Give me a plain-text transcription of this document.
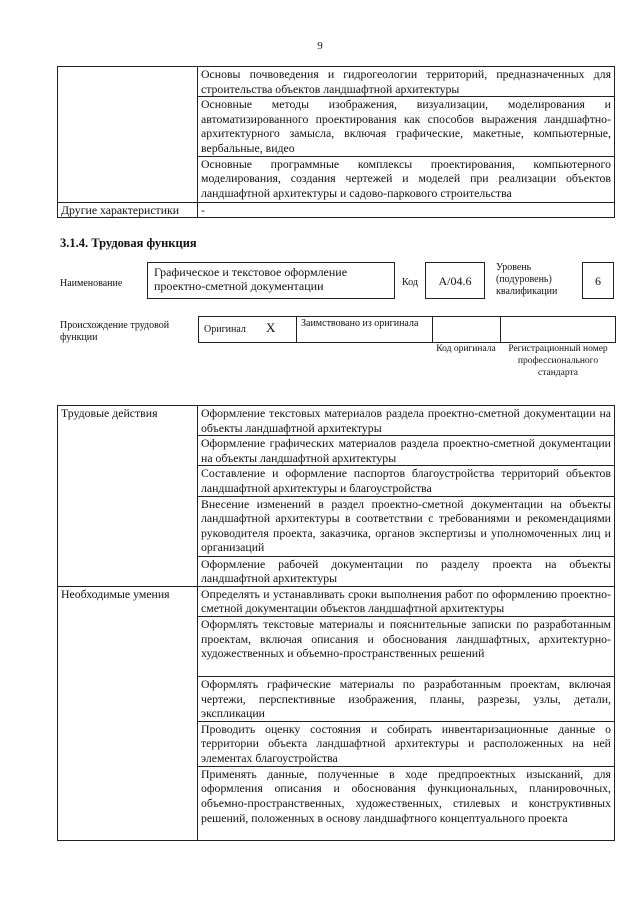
9
	Основы почвоведения и гидрогеологии территорий, предназначенных для строительства объектов ландшафтной архитектуры
	Основные методы изображения, визуализации, моделирования и автоматизированного проектирования как способов выражения ландшафтно-архитектурного замысла, включая графические, макетные, компьютерные, вербальные, видео
	Основные программные комплексы проектирования, компьютерного моделирования, создания чертежей и моделей при реализации объектов ландшафтной архитектуры и садово-паркового строительства
Другие характеристики	-
3.1.4. Трудовая функция
Наименование
Графическое и текстовое оформление проектно-сметной документации	Код	A/04.6
Уровень (подуровень) квалификации
6
Происхождение трудовой функции
Оригинал X	Заимствовано из оригинала
Код оригинала	Регистрационный номер профессионального стандарта
Трудовые действия	Оформление текстовых материалов раздела проектно-сметной документации на объекты ландшафтной архитектуры
	Оформление графических материалов раздела проектно-сметной документации на объекты ландшафтной архитектуры
	Составление и оформление паспортов благоустройства территорий объектов ландшафтной архитектуры и благоустройства
	Внесение изменений в раздел проектно-сметной документации на объекты ландшафтной архитектуры в соответствии с требованиями и рекомендациями руководителя проекта, заказчика, органов экспертизы и уполномоченных лиц и организаций
	Оформление рабочей документации по разделу проекта на объекты ландшафтной архитектуры
Необходимые умения	Определять и устанавливать сроки выполнения работ по оформлению проектно-сметной документации объектов ландшафтной архитектуры
	Оформлять текстовые материалы и пояснительные записки по разработанным проектам, включая описания и обоснования ландшафтных, архитектурно-художественных и объемно-пространственных решений
	Оформлять графические материалы по разработанным проектам, включая чертежи, перспективные изображения, планы, разрезы, узлы, детали, экспликации
	Проводить оценку состояния и собирать инвентаризационные данные о территории объекта ландшафтной архитектуры и расположенных на ней элементах благоустройства
	Применять данные, полученные в ходе предпроектных изысканий, для оформления описания и обоснования функциональных, планировочных, объемно-пространственных, художественных, стилевых и конструктивных решений, положенных в основу ландшафтного концептуального проекта
